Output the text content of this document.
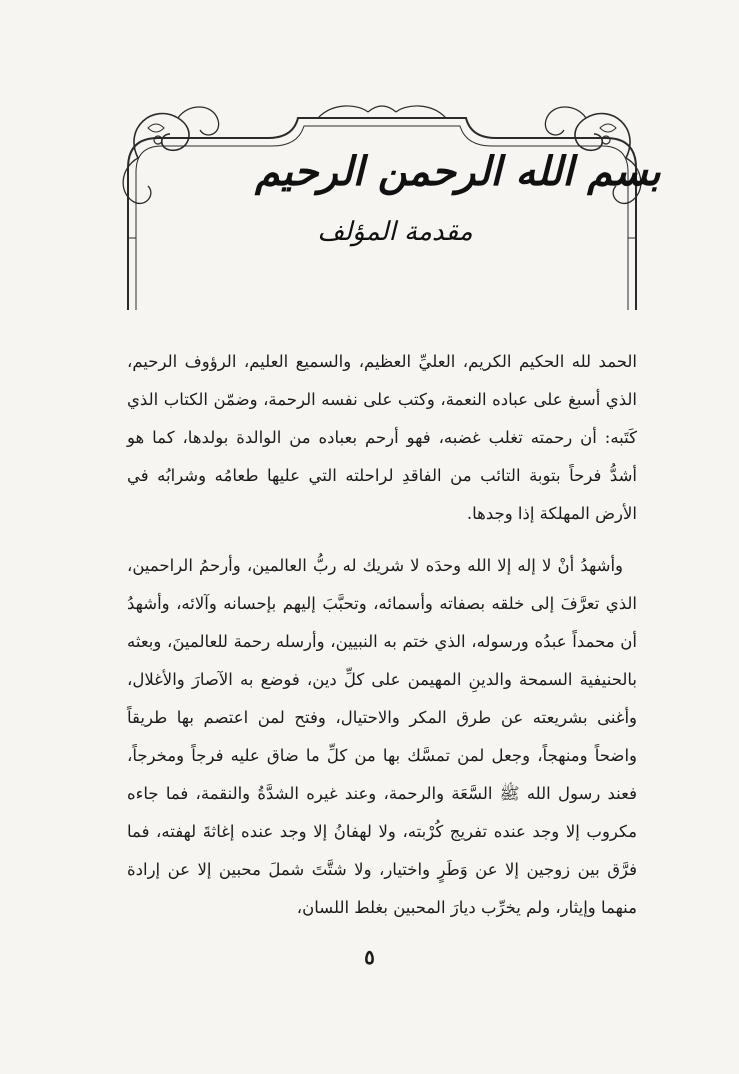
بسم الله الرحمن الرحيم
مقدمة المؤلف

الحمد لله الحكيم الكريم، العليِّ العظيم، والسميع العليم، الرؤوف الرحيم، الذي أسبغ على عباده النعمة، وكتب على نفسه الرحمة، وضمّن الكتاب الذي كَتَبه: أن رحمته تغلب غضبه، فهو أرحم بعباده من الوالدة بولدها، كما هو أشدُّ فرحاً بتوبة التائب من الفاقدِ لراحلته التي عليها طعامُه وشرابُه في الأرض المهلكة إذا وجدها.

وأشهدُ أنْ لا إله إلا الله وحدَه لا شريك له ربُّ العالمين، وأرحمُ الراحمين، الذي تعرَّفَ إلى خلقه بصفاته وأسمائه، وتحبَّبَ إليهم بإحسانه وآلائه، وأشهدُ أن محمداً عبدُه ورسوله، الذي ختم به النبيين، وأرسله رحمة للعالمينَ، وبعثه بالحنيفية السمحة والدينِ المهيمن على كلِّ دين، فوضع به الآصارَ والأغلال، وأغنى بشريعته عن طرق المكر والاحتيال، وفتح لمن اعتصم بها طريقاً واضحاً ومنهجاً، وجعل لمن تمسَّك بها من كلِّ ما ضاق عليه فرجاً ومخرجاً، فعند رسول الله ﷺ السَّعَة والرحمة، وعند غيره الشدَّةُ والنقمة، فما جاءه مكروب إلا وجد عنده تفريج كُرْبته، ولا لهفانُ إلا وجد عنده إغاثةَ لهفته، فما فرَّق بين زوجين إلا عن وَطَرٍ واختيار، ولا شتَّتَ شملَ محبين إلا عن إرادة منهما وإيثار، ولم يخرِّب ديارَ المحبين بغلط اللسان،

٥
